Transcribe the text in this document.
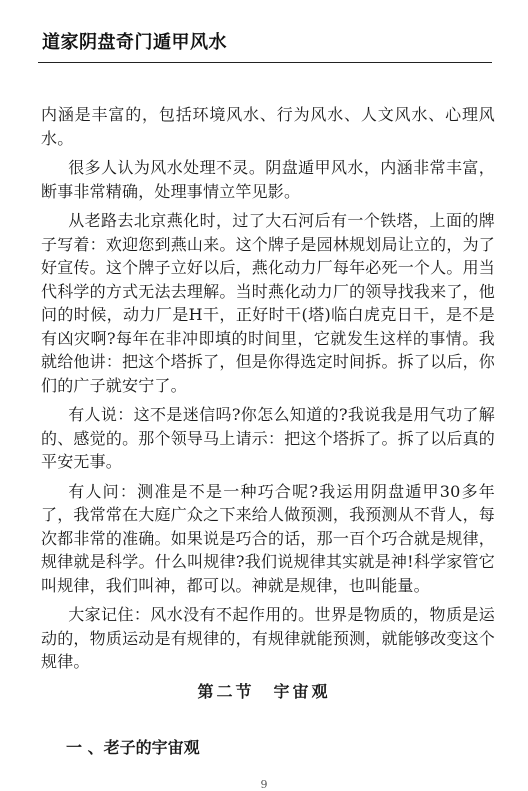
道家阴盘奇门遁甲风水

内涵是丰富的，包括环境风水、行为风水、人文风水、心理风水。

很多人认为风水处理不灵。阴盘遁甲风水，内涵非常丰富，断事非常精确，处理事情立竿见影。

从老路去北京燕化时，过了大石河后有一个铁塔，上面的牌子写着：欢迎您到燕山来。这个牌子是园林规划局让立的，为了好宣传。这个牌子立好以后，燕化动力厂每年必死一个人。用当代科学的方式无法去理解。当时燕化动力厂的领导找我来了，他问的时候，动力厂是H干，正好时干(塔)临白虎克日干，是不是有凶灾啊?每年在非冲即填的时间里，它就发生这样的事情。我就给他讲：把这个塔拆了，但是你得选定时间拆。拆了以后，你们的广子就安宁了。

有人说：这不是迷信吗?你怎么知道的?我说我是用气功了解的、感觉的。那个领导马上请示：把这个塔拆了。拆了以后真的平安无事。

有人问：测准是不是一种巧合呢?我运用阴盘遁甲30多年了，我常常在大庭广众之下来给人做预测，我预测从不背人，每次都非常的准确。如果说是巧合的话，那一百个巧合就是规律，规律就是科学。什么叫规律?我们说规律其实就是神!科学家管它叫规律，我们叫神，都可以。神就是规律，也叫能量。

大家记住：风水没有不起作用的。世界是物质的，物质是运动的，物质运动是有规律的，有规律就能预测，就能够改变这个规律。

第二节　宇宙观
一 、老子的宇宙观
9
